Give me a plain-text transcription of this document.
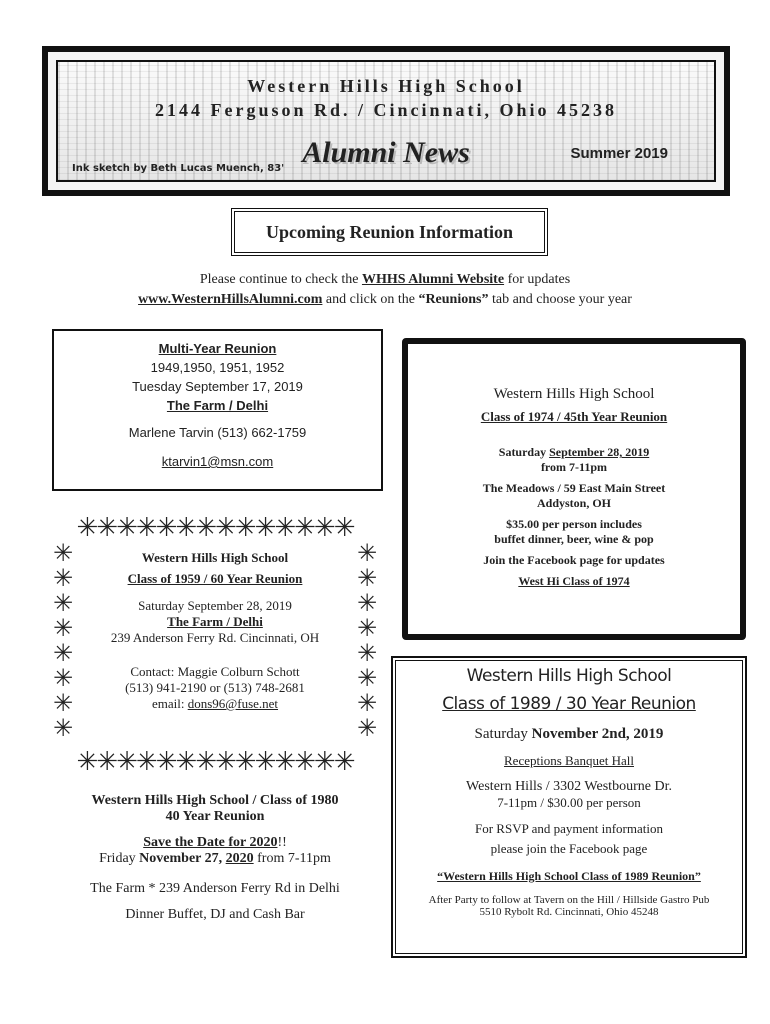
Western Hills High School
2144 Ferguson Rd. / Cincinnati, Ohio 45238
Alumni News
Ink sketch by Beth Lucas Muench, 83'
Summer 2019
Upcoming Reunion Information
Please continue to check the WHHS Alumni Website for updates
www.WesternHillsAlumni.com and click on the “Reunions” tab and choose your year
Multi-Year Reunion
1949,1950, 1951, 1952
Tuesday September 17, 2019
The Farm / Delhi
Marlene Tarvin (513) 662-1759
ktarvin1@msn.com
Western Hills High School
Class of 1974 / 45th Year Reunion
Saturday September 28, 2019
from 7-11pm
The Meadows / 59 East Main Street
Addyston, OH
$35.00 per person includes
buffet dinner, beer, wine & pop
Join the Facebook page for updates
West Hi Class of 1974
✳✳✳✳✳✳✳✳✳✳✳✳✳✳
✳✳✳✳✳✳✳✳✳✳✳✳✳✳
✳
✳
✳
✳
✳
✳
✳
✳
✳
✳
✳
✳
✳
✳
✳
✳
Western Hills High School
Class of 1959 / 60 Year Reunion
Saturday September 28, 2019
The Farm / Delhi
239 Anderson Ferry Rd. Cincinnati, OH
Contact: Maggie Colburn Schott
(513) 941-2190 or (513) 748-2681
email: dons96@fuse.net
Western Hills High School / Class of 1980
40 Year Reunion
Save the Date for 2020!!
Friday November 27, 2020 from 7-11pm
The Farm * 239 Anderson Ferry Rd in Delhi
Dinner Buffet, DJ and Cash Bar
Western Hills High School
Class of 1989 / 30 Year Reunion
Saturday November 2nd, 2019
Receptions Banquet Hall
Western Hills / 3302 Westbourne Dr.
7-11pm / $30.00 per person
For RSVP and payment information
please join the Facebook page
“Western Hills High School Class of 1989 Reunion”
After Party to follow at Tavern on the Hill / Hillside Gastro Pub
5510 Rybolt Rd. Cincinnati, Ohio 45248
